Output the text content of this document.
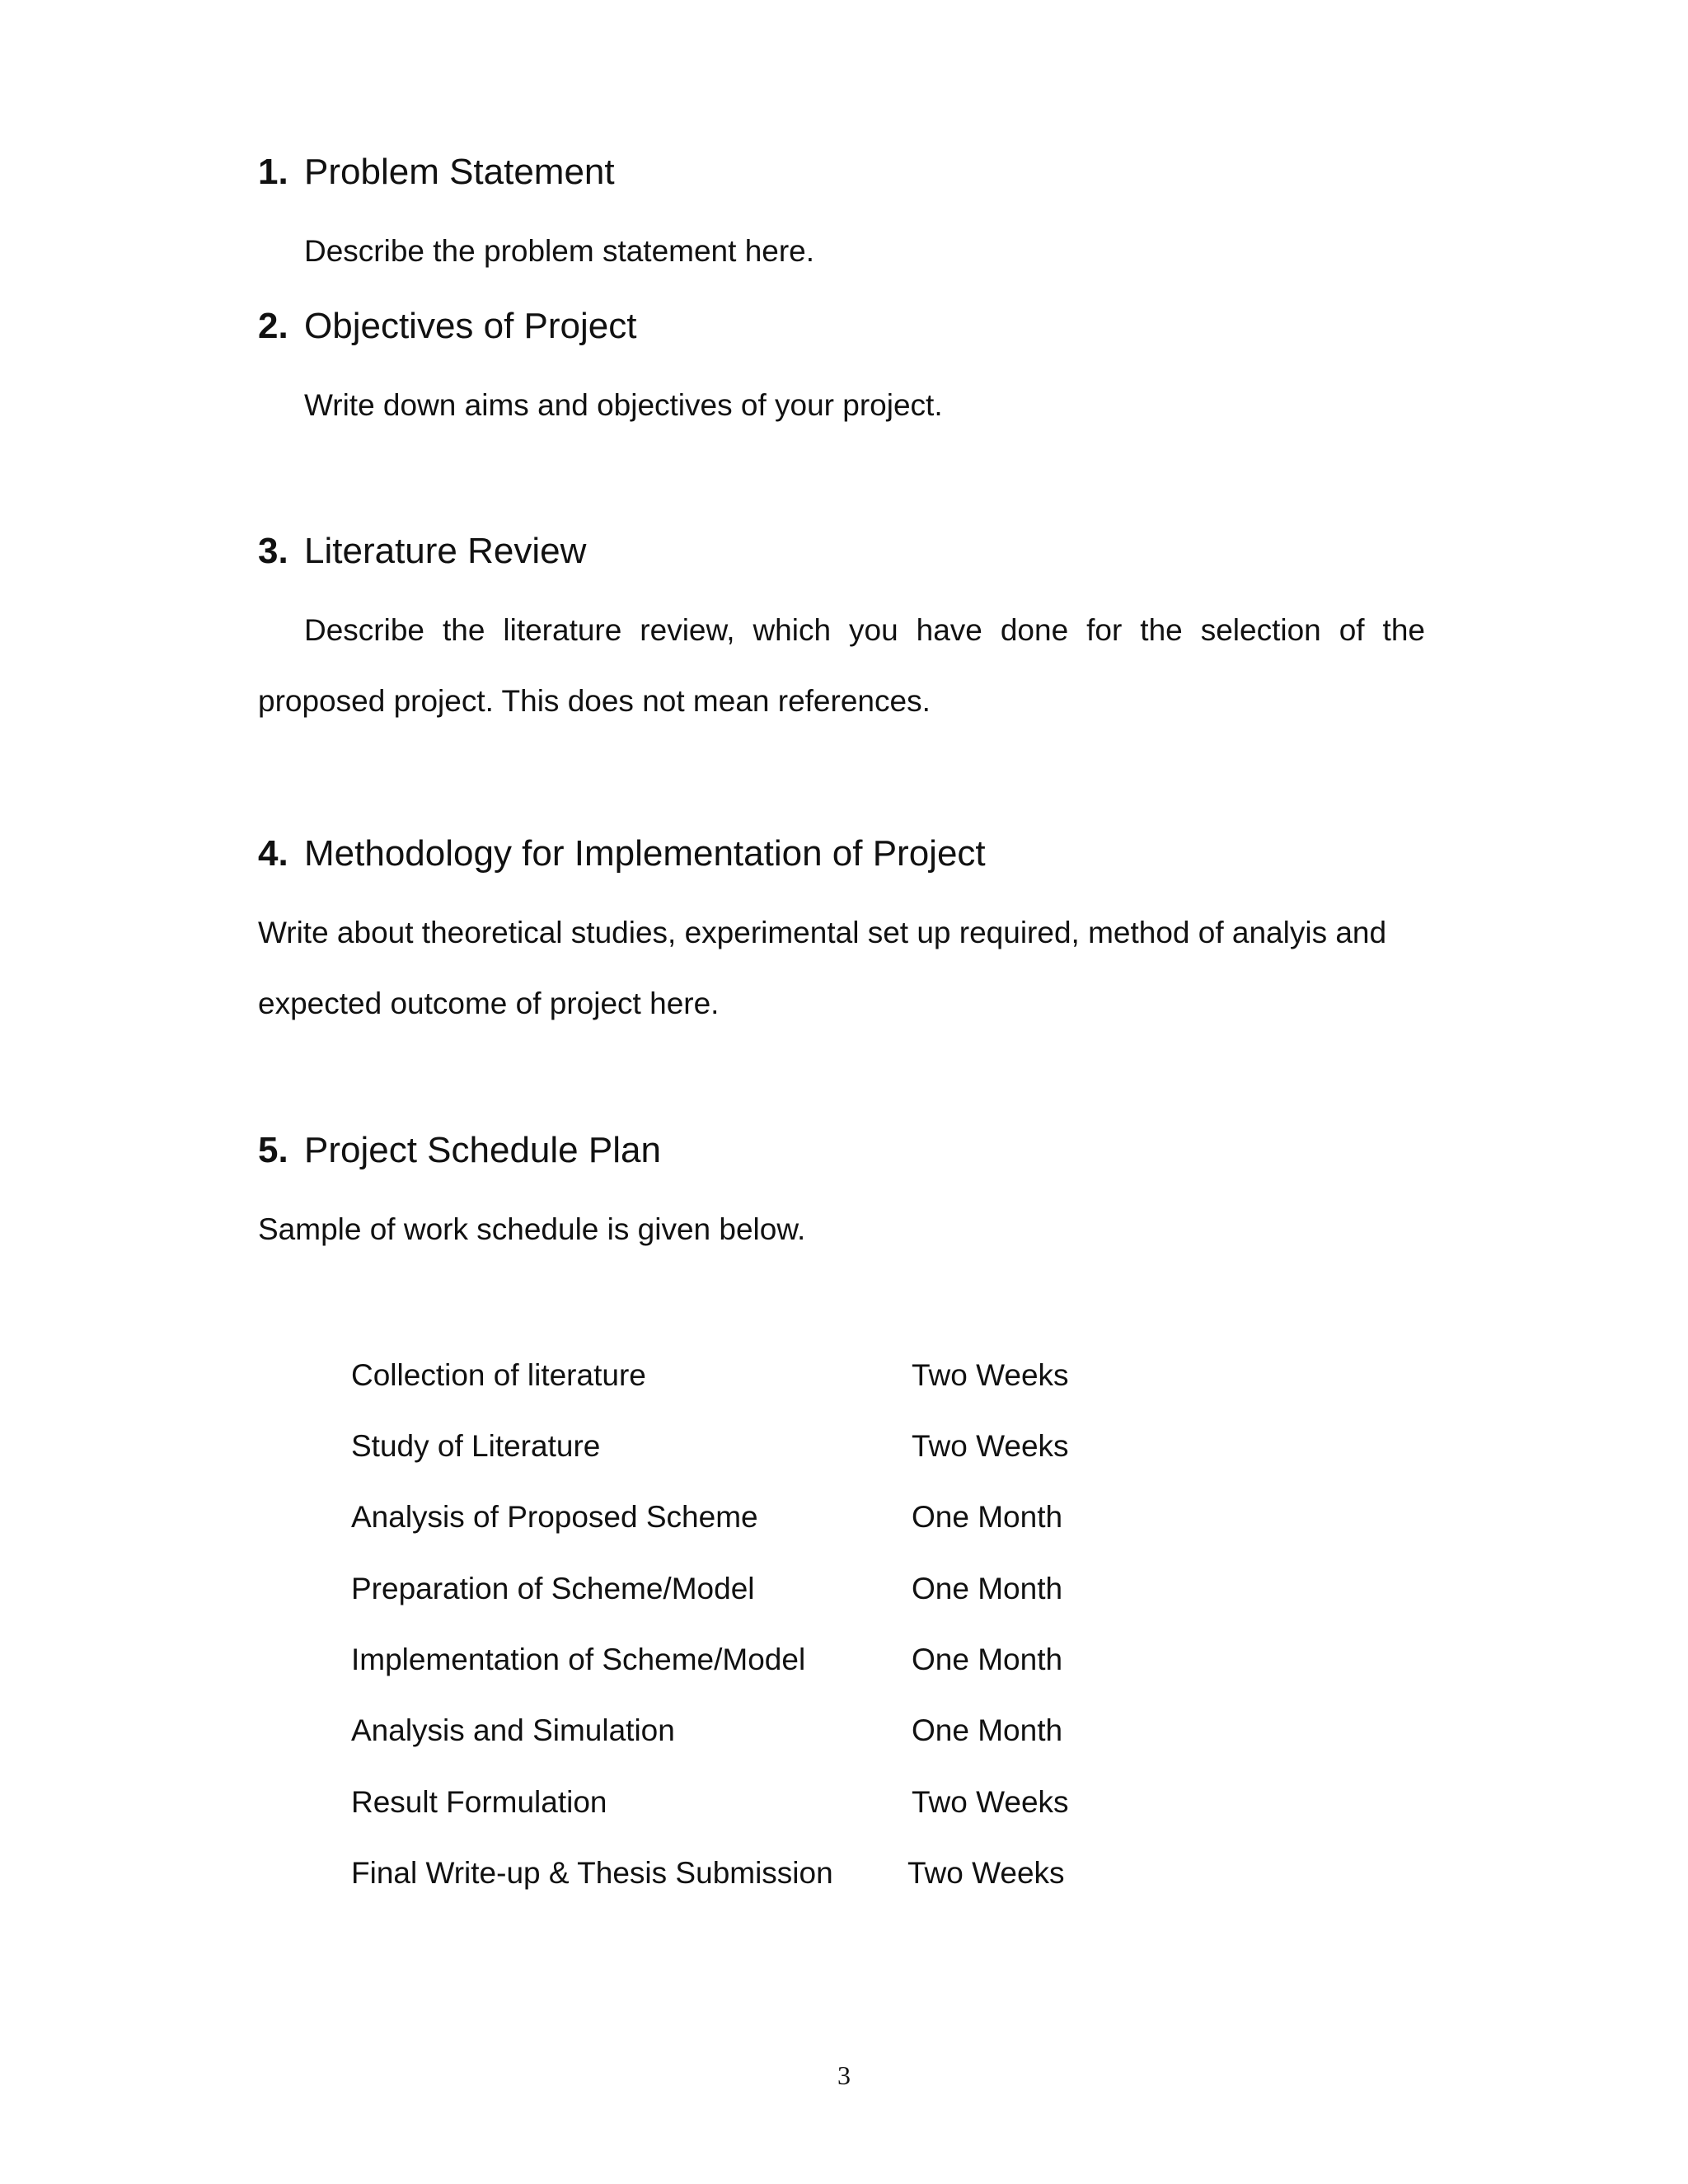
1. Problem Statement
Describe the problem statement here.
2. Objectives of Project
Write down aims and objectives of your project.
3. Literature Review
Describe the literature review, which you have done for the selection of the
proposed project. This does not mean references.
4. Methodology for Implementation of Project
Write about theoretical studies, experimental set up required, method of analyis and
expected outcome of project here.
5. Project Schedule Plan
Sample of work schedule is given below.
Collection of literature	Two Weeks
Study of Literature	Two Weeks
Analysis of Proposed Scheme	One Month
Preparation of Scheme/Model	One Month
Implementation of Scheme/Model	One Month
Analysis and Simulation	One Month
Result Formulation	Two Weeks
Final Write-up & Thesis Submission Two Weeks
3
